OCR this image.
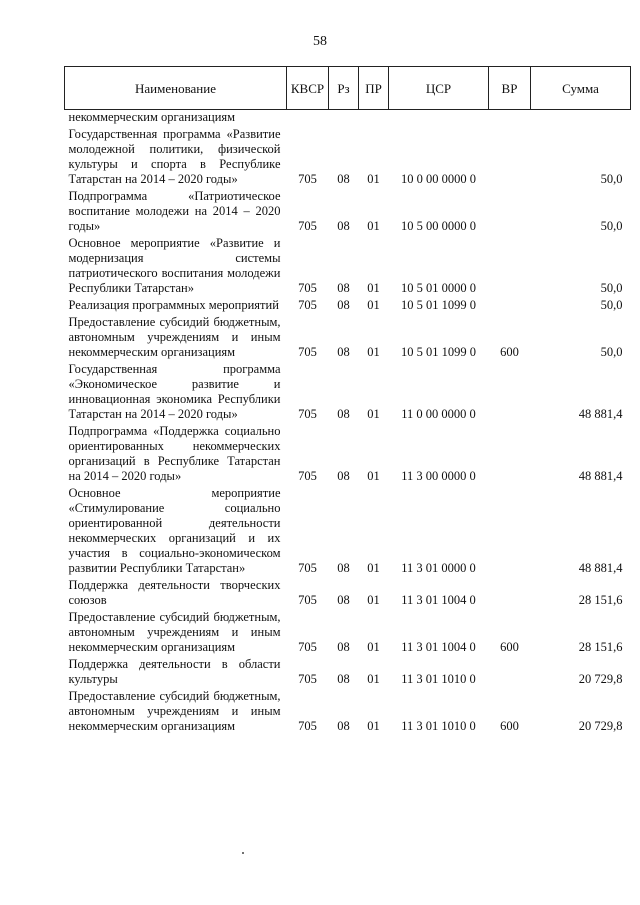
58
Наименование	КВСР	Рз	ПР	ЦСР	ВР	Сумма
некоммерческим организациям						
Государственная программа «Развитие молодежной политики, физической культуры и спорта в Республике Татарстан на 2014 – 2020 годы»	705	08	01	10 0 00 0000 0		50,0
Подпрограмма «Патриотическое воспитание молодежи на 2014 – 2020 годы»	705	08	01	10 5 00 0000 0		50,0
Основное мероприятие «Развитие и модернизация системы патриотического воспитания молодежи Республики Татарстан»	705	08	01	10 5 01 0000 0		50,0
Реализация программных мероприятий	705	08	01	10 5 01 1099 0		50,0
Предоставление субсидий бюджетным, автономным учреждениям и иным некоммерческим организациям	705	08	01	10 5 01 1099 0	600	50,0
Государственная программа «Экономическое развитие и инновационная экономика Республики Татарстан на 2014 – 2020 годы»	705	08	01	11 0 00 0000 0		48 881,4
Подпрограмма «Поддержка социально ориентированных некоммерческих организаций в Республике Татарстан на 2014 – 2020 годы»	705	08	01	11 3 00 0000 0		48 881,4
Основное мероприятие «Стимулирование социально ориентированной деятельности некоммерческих организаций и их участия в социально-экономическом развитии Республики Татарстан»	705	08	01	11 3 01 0000 0		48 881,4
Поддержка деятельности творческих союзов	705	08	01	11 3 01 1004 0		28 151,6
Предоставление субсидий бюджетным, автономным учреждениям и иным некоммерческим организациям	705	08	01	11 3 01 1004 0	600	28 151,6
Поддержка деятельности в области культуры	705	08	01	11 3 01 1010 0		20 729,8
Предоставление субсидий бюджетным, автономным учреждениям и иным некоммерческим организациям	705	08	01	11 3 01 1010 0	600	20 729,8
